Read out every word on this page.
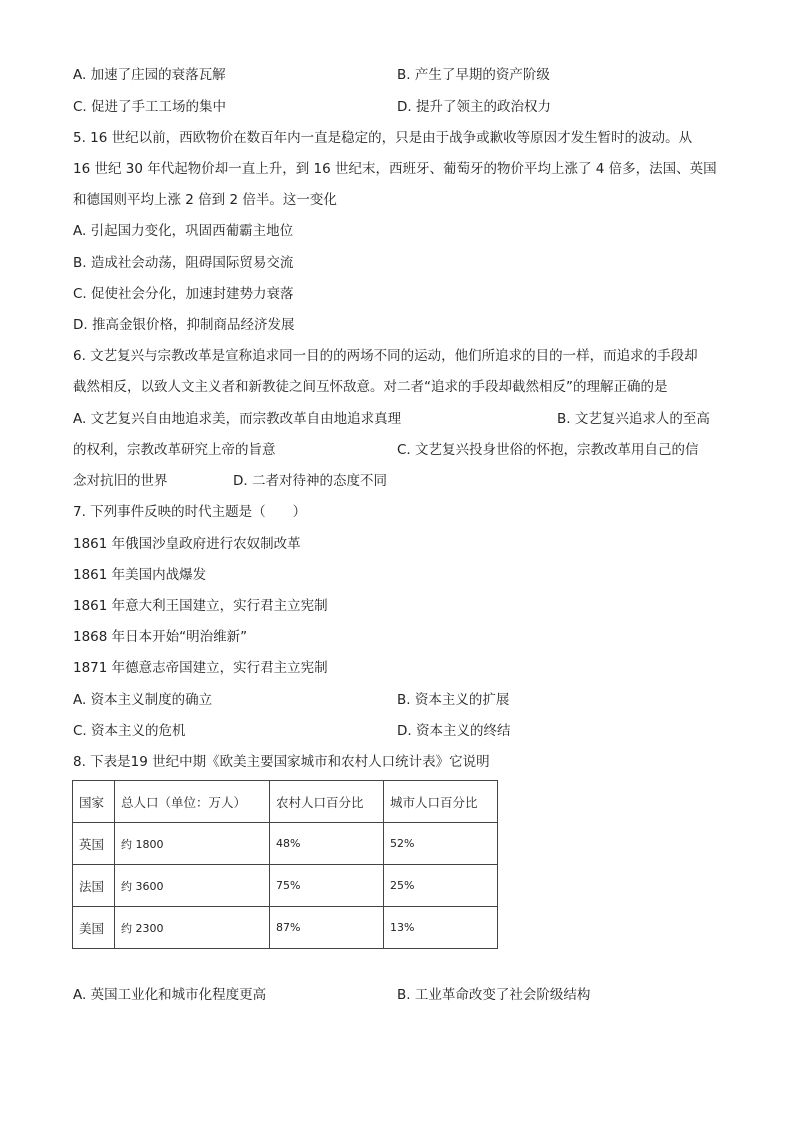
A. 加速了庄园的衰落瓦解	B. 产生了早期的资产阶级
C. 促进了手工工场的集中	D. 提升了领主的政治权力
5. 16 世纪以前，西欧物价在数百年内一直是稳定的，只是由于战争或歉收等原因才发生暂时的波动。从
16 世纪 30 年代起物价却一直上升，到 16 世纪末，西班牙、葡萄牙的物价平均上涨了 4 倍多，法国、英国
和德国则平均上涨 2 倍到 2 倍半。这一变化
A. 引起国力变化，巩固西葡霸主地位
B. 造成社会动荡，阻碍国际贸易交流
C. 促使社会分化，加速封建势力衰落
D. 推高金银价格，抑制商品经济发展
6. 文艺复兴与宗教改革是宣称追求同一目的的两场不同的运动，他们所追求的目的一样，而追求的手段却
截然相反，以致人文主义者和新教徒之间互怀敌意。对二者“追求的手段却截然相反”的理解正确的是
A. 文艺复兴自由地追求美，而宗教改革自由地追求真理	B. 文艺复兴追求人的至高
的权利，宗教改革研究上帝的旨意	C. 文艺复兴投身世俗的怀抱，宗教改革用自己的信
念对抗旧的世界	D. 二者对待神的态度不同
7. 下列事件反映的时代主题是（　　）
1861 年俄国沙皇政府进行农奴制改革
1861 年美国内战爆发
1861 年意大利王国建立，实行君主立宪制
1868 年日本开始“明治维新”
1871 年德意志帝国建立，实行君主立宪制
A. 资本主义制度的确立	B. 资本主义的扩展
C. 资本主义的危机	D. 资本主义的终结
8. 下表是19 世纪中期《欧美主要国家城市和农村人口统计表》它说明
国家	总人口（单位：万人）	农村人口百分比	城市人口百分比
英国	约 1800	48%	52%
法国	约 3600	75%	25%
美国	约 2300	87%	13%
A. 英国工业化和城市化程度更高	B. 工业革命改变了社会阶级结构
